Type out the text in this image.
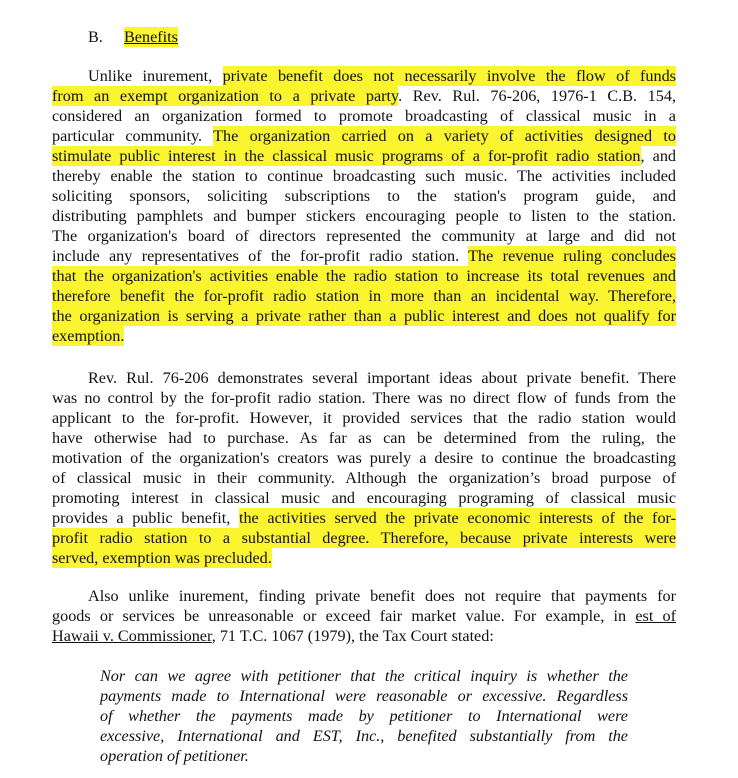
B. Benefits
Unlike inurement, private benefit does not necessarily involve the flow of funds
from an exempt organization to a private party. Rev. Rul. 76-206, 1976-1 C.B. 154,
considered an organization formed to promote broadcasting of classical music in a
particular community. The organization carried on a variety of activities designed to
stimulate public interest in the classical music programs of a for-profit radio station, and
thereby enable the station to continue broadcasting such music. The activities included
soliciting sponsors, soliciting subscriptions to the station's program guide, and
distributing pamphlets and bumper stickers encouraging people to listen to the station.
The organization's board of directors represented the community at large and did not
include any representatives of the for-profit radio station. The revenue ruling concludes
that the organization's activities enable the radio station to increase its total revenues and
therefore benefit the for-profit radio station in more than an incidental way. Therefore,
the organization is serving a private rather than a public interest and does not qualify for
exemption.
Rev. Rul. 76-206 demonstrates several important ideas about private benefit. There
was no control by the for-profit radio station. There was no direct flow of funds from the
applicant to the for-profit. However, it provided services that the radio station would
have otherwise had to purchase. As far as can be determined from the ruling, the
motivation of the organization's creators was purely a desire to continue the broadcasting
of classical music in their community. Although the organization’s broad purpose of
promoting interest in classical music and encouraging programing of classical music
provides a public benefit, the activities served the private economic interests of the for-
profit radio station to a substantial degree. Therefore, because private interests were
served, exemption was precluded.
Also unlike inurement, finding private benefit does not require that payments for
goods or services be unreasonable or exceed fair market value. For example, in est of
Hawaii v. Commissioner, 71 T.C. 1067 (1979), the Tax Court stated:
Nor can we agree with petitioner that the critical inquiry is whether the
payments made to International were reasonable or excessive. Regardless
of whether the payments made by petitioner to International were
excessive, International and EST, Inc., benefited substantially from the
operation of petitioner.
